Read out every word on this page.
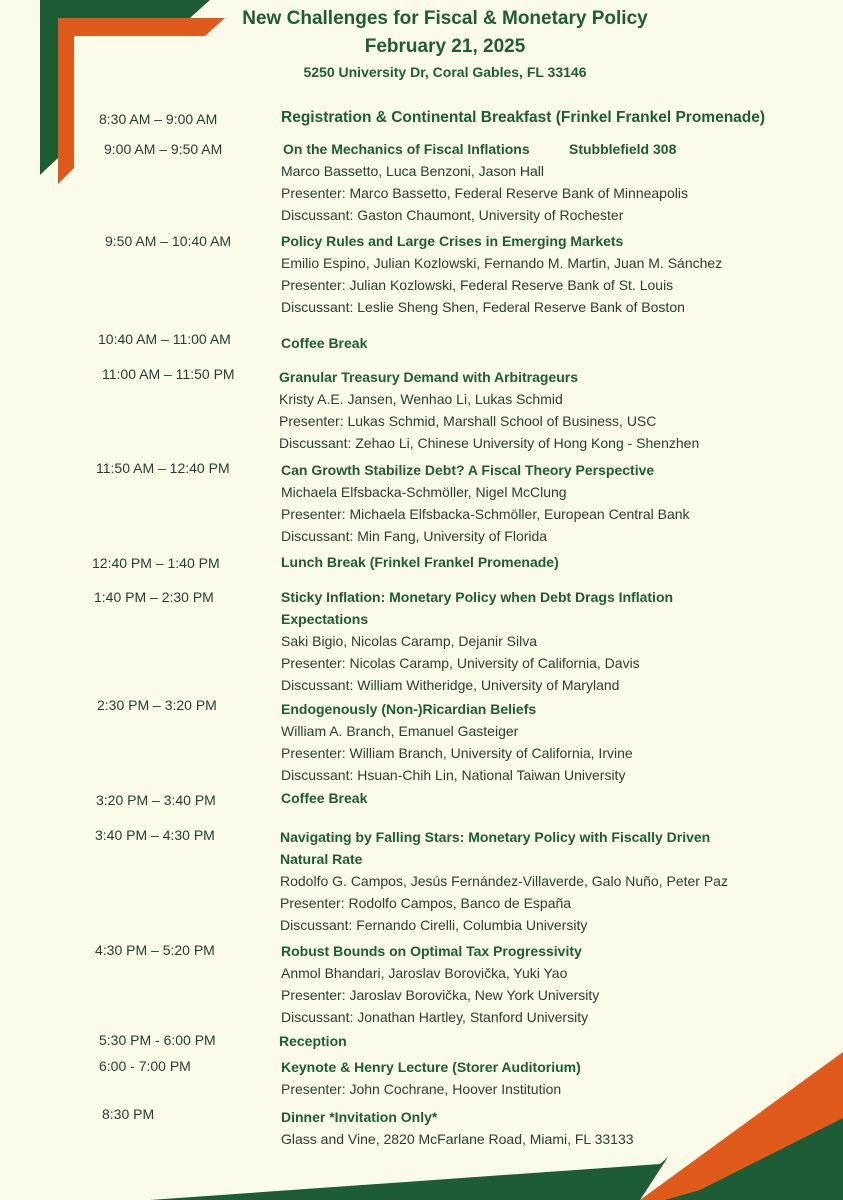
New Challenges for Fiscal & Monetary Policy
February 21, 2025
5250 University Dr, Coral Gables, FL 33146
8:30 AM – 9:00 AM	Registration & Continental Breakfast (Frinkel Frankel Promenade)
9:00 AM – 9:50 AM	On the Mechanics of Fiscal Inflations	Stubblefield 308
Marco Bassetto, Luca Benzoni, Jason Hall
Presenter: Marco Bassetto, Federal Reserve Bank of Minneapolis
Discussant: Gaston Chaumont, University of Rochester
9:50 AM – 10:40 AM	Policy Rules and Large Crises in Emerging Markets
Emilio Espino, Julian Kozlowski, Fernando M. Martin, Juan M. Sánchez
Presenter: Julian Kozlowski, Federal Reserve Bank of St. Louis
Discussant: Leslie Sheng Shen, Federal Reserve Bank of Boston
10:40 AM – 11:00 AM	Coffee Break
11:00 AM – 11:50 PM	Granular Treasury Demand with Arbitrageurs
Kristy A.E. Jansen, Wenhao Li, Lukas Schmid
Presenter: Lukas Schmid, Marshall School of Business, USC
Discussant: Zehao Li, Chinese University of Hong Kong - Shenzhen
11:50 AM – 12:40 PM	Can Growth Stabilize Debt? A Fiscal Theory Perspective
Michaela Elfsbacka-Schmöller, Nigel McClung
Presenter: Michaela Elfsbacka-Schmöller, European Central Bank
Discussant: Min Fang, University of Florida
12:40 PM – 1:40 PM	Lunch Break (Frinkel Frankel Promenade)
1:40 PM – 2:30 PM	Sticky Inflation: Monetary Policy when Debt Drags Inflation
Expectations
Saki Bigio, Nicolas Caramp, Dejanir Silva
Presenter: Nicolas Caramp, University of California, Davis
Discussant: William Witheridge, University of Maryland
2:30 PM – 3:20 PM	Endogenously (Non-)Ricardian Beliefs
William A. Branch, Emanuel Gasteiger
Presenter: William Branch, University of California, Irvine
Discussant: Hsuan-Chih Lin, National Taiwan University
3:20 PM – 3:40 PM	Coffee Break
3:40 PM – 4:30 PM	Navigating by Falling Stars: Monetary Policy with Fiscally Driven
Natural Rate
Rodolfo G. Campos, Jesús Fernández-Villaverde, Galo Nuño, Peter Paz
Presenter: Rodolfo Campos, Banco de España
Discussant: Fernando Cirelli, Columbia University
4:30 PM – 5:20 PM	Robust Bounds on Optimal Tax Progressivity
Anmol Bhandari, Jaroslav Borovička, Yuki Yao
Presenter: Jaroslav Borovička, New York University
Discussant: Jonathan Hartley, Stanford University
5:30 PM - 6:00 PM	Reception
6:00 - 7:00 PM	Keynote & Henry Lecture (Storer Auditorium)
Presenter: John Cochrane, Hoover Institution
8:30 PM	Dinner *Invitation Only*
Glass and Vine, 2820 McFarlane Road, Miami, FL 33133
